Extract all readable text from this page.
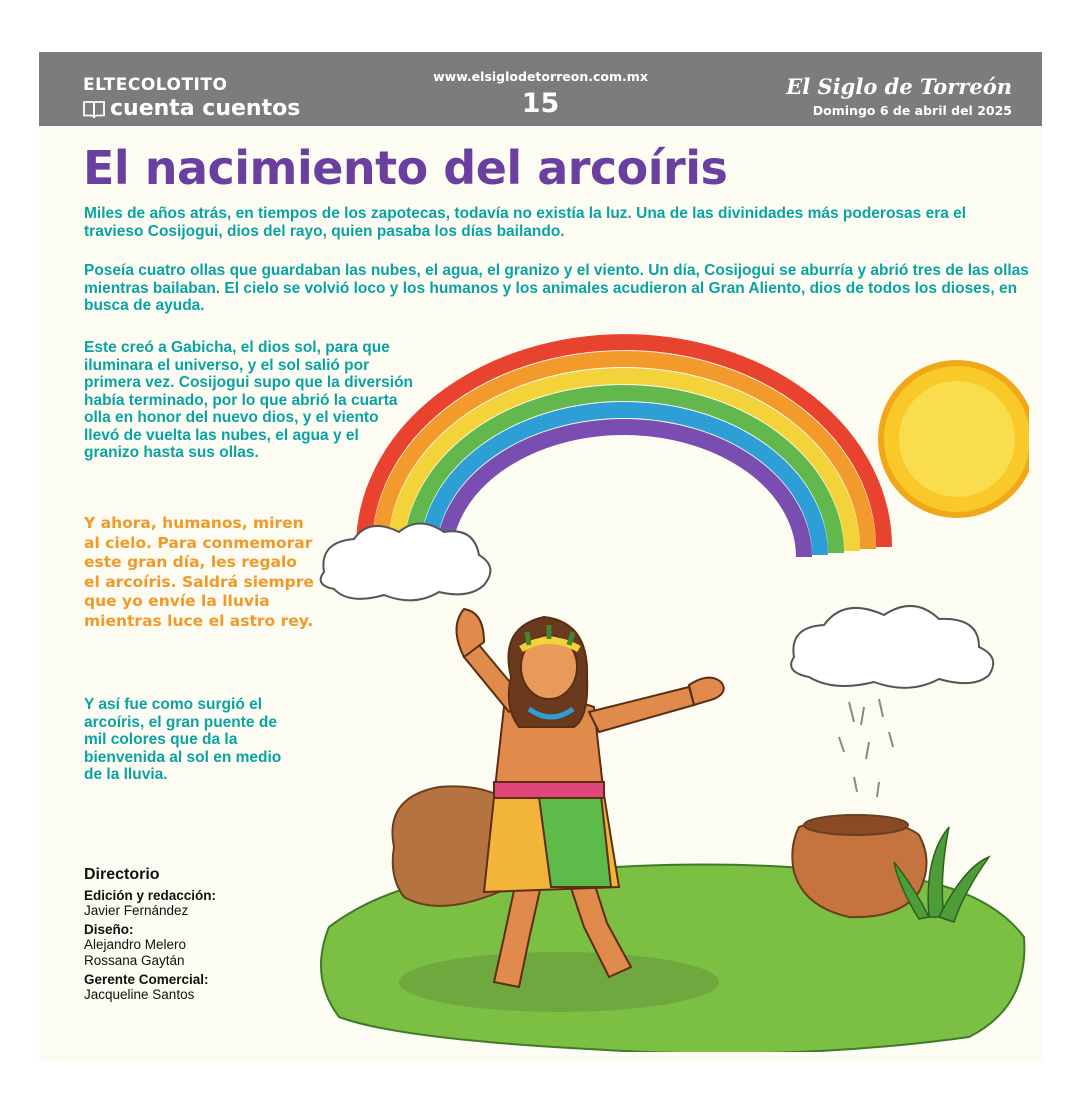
ELTECOLOTITO
cuenta cuentos
www.elsiglodetorreon.com.mx
15
El Siglo de Torreón
Domingo 6 de abril del 2025
El nacimiento del arcoíris

Miles de años atrás, en tiempos de los zapotecas, todavía no existía la luz. Una de las divinidades más poderosas era el travieso Cosijogui, dios del rayo, quien pasaba los días bailando.

Poseía cuatro ollas que guardaban las nubes, el agua, el granizo y el viento. Un día, Cosijogui se aburría y abrió tres de las ollas mientras bailaban. El cielo se volvió loco y los humanos y los animales acudieron al Gran Aliento, dios de todos los dioses, en busca de ayuda.

Este creó a Gabicha, el dios sol, para que iluminara el universo, y el sol salió por primera vez. Cosijogui supo que la diversión había terminado, por lo que abrió la cuarta olla en honor del nuevo dios, y el viento llevó de vuelta las nubes, el agua y el granizo hasta sus ollas.

Y ahora, humanos, miren al cielo. Para conmemorar este gran día, les regalo el arcoíris. Saldrá siempre que yo envíe la lluvia mientras luce el astro rey.

Y así fue como surgió el arcoíris, el gran puente de mil colores que da la bienvenida al sol en medio de la lluvia.

Directorio
Edición y redacción:
Javier Fernández
Diseño:
Alejandro Melero
Rossana Gaytán
Gerente Comercial:
Jacqueline Santos
